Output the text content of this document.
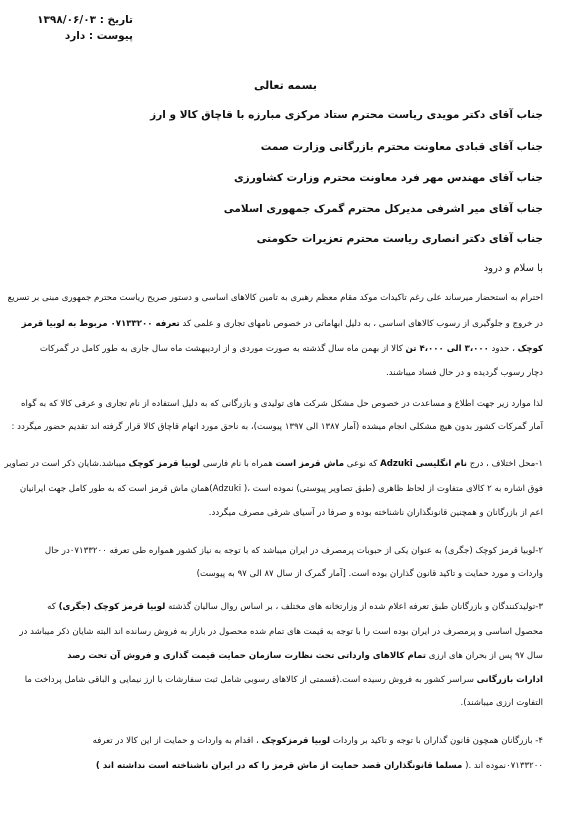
تاریخ : ۱۳۹۸/۰۶/۰۳
پیوست : دارد
بسمه تعالی
جناب آقای دکتر مویدی ریاست محترم ستاد مرکزی مبارزه با قاچاق کالا و ارز
جناب آقای قبادی معاونت محترم بازرگانی وزارت صمت
جناب آقای مهندس مهر فرد معاونت محترم وزارت کشاورزی
جناب آقای میر اشرفی مدیرکل محترم گمرک جمهوری اسلامی
جناب آقای دکتر انصاری ریاست محترم تعزیرات حکومتی
با سلام و درود
احترام به استحضار میرساند علی رغم تاکیدات موکد مقام معظم رهبری به تامین کالاهای اساسی و دستور صریح ریاست محترم جمهوری مبنی بر تسریع
در خروج و جلوگیری از رسوب کالاهای اساسی ، به دلیل ابهاماتی در خصوص نامهای تجاری و علمی کد تعرفه ۰۷۱۳۳۲۰۰ مربوط به لوبیا قرمز
کوچک ، حدود ۳،۰۰۰ الی ۴،۰۰۰ تن کالا از بهمن ماه سال گذشته به صورت موردی و از اردیبهشت ماه سال جاری به طور کامل در گمرکات
دچار رسوب گردیده و در حال فساد میباشند.
لذا موارد زیر جهت اطلاع و مساعدت در خصوص حل مشکل شرکت های تولیدی و بازرگانی که به دلیل استفاده از نام تجاری و عرفی کالا که به گواه
آمار گمرکات کشور بدون هیچ مشکلی انجام میشده (آمار ۱۳۸۷ الی ۱۳۹۷ پیوست)، به ناحق مورد اتهام قاچاق کالا قرار گرفته اند تقدیم حضور میگردد :
۱-محل اختلاف ، درج نام انگلیسی Adzuki که نوعی ماش قرمز است همراه با نام فارسی لوبیا قرمز کوچک میباشد.شایان ذکر است در تصاویر
فوق اشاره به ۲ کالای متفاوت از لحاظ ظاهری (طبق تصاویر پیوستی) نموده است ،( Adzuki)همان ماش قرمز است که به طور کامل جهت ایرانیان
اعم از بازرگانان و همچنین قانونگذاران ناشناخته بوده و صرفا در آسیای شرقی مصرف میگردد.
۲-لوبیا قرمز کوچک (جگری) به عنوان یکی از حبوبات پرمصرف در ایران میباشد که با توجه به نیاز کشور همواره طی تعرفه ۰۷۱۳۳۲۰۰در حال
واردات و مورد حمایت و تاکید قانون گذاران بوده است. [آمار گمرک از سال ۸۷ الی ۹۷ به پیوست)
۳-تولیدکنندگان و بازرگانان طبق تعرفه اعلام شده از وزارتخانه های مختلف ، بر اساس روال سالیان گذشته لوبیا قرمز کوچک (جگری) که
محصول اساسی و پرمصرف در ایران بوده است را با توجه به قیمت های تمام شده محصول در بازار به فروش رسانده اند البته شایان ذکر میباشد در
سال ۹۷ پس از بحران های ارزی تمام کالاهای وارداتی تحت نظارت سازمان حمایت قیمت گذاری و فروش آن تحت رصد
ادارات بازرگانی سراسر کشور به فروش رسیده است.(قسمتی از کالاهای رسوبی شامل ثبت سفارشات با ارز نیمایی و الباقی شامل پرداخت ما
التفاوت ارزی میباشند).
۴- بازرگانان همچون قانون گذاران با توجه و تاکید بر واردات لوبیا قرمزکوچک ، اقدام به واردات و حمایت از این کالا در تعرفه
۰۷۱۳۳۲۰۰نموده اند .( مسلما قانونگذاران قصد حمایت از ماش قرمز را که در ایران ناشناخته است نداشته اند )
